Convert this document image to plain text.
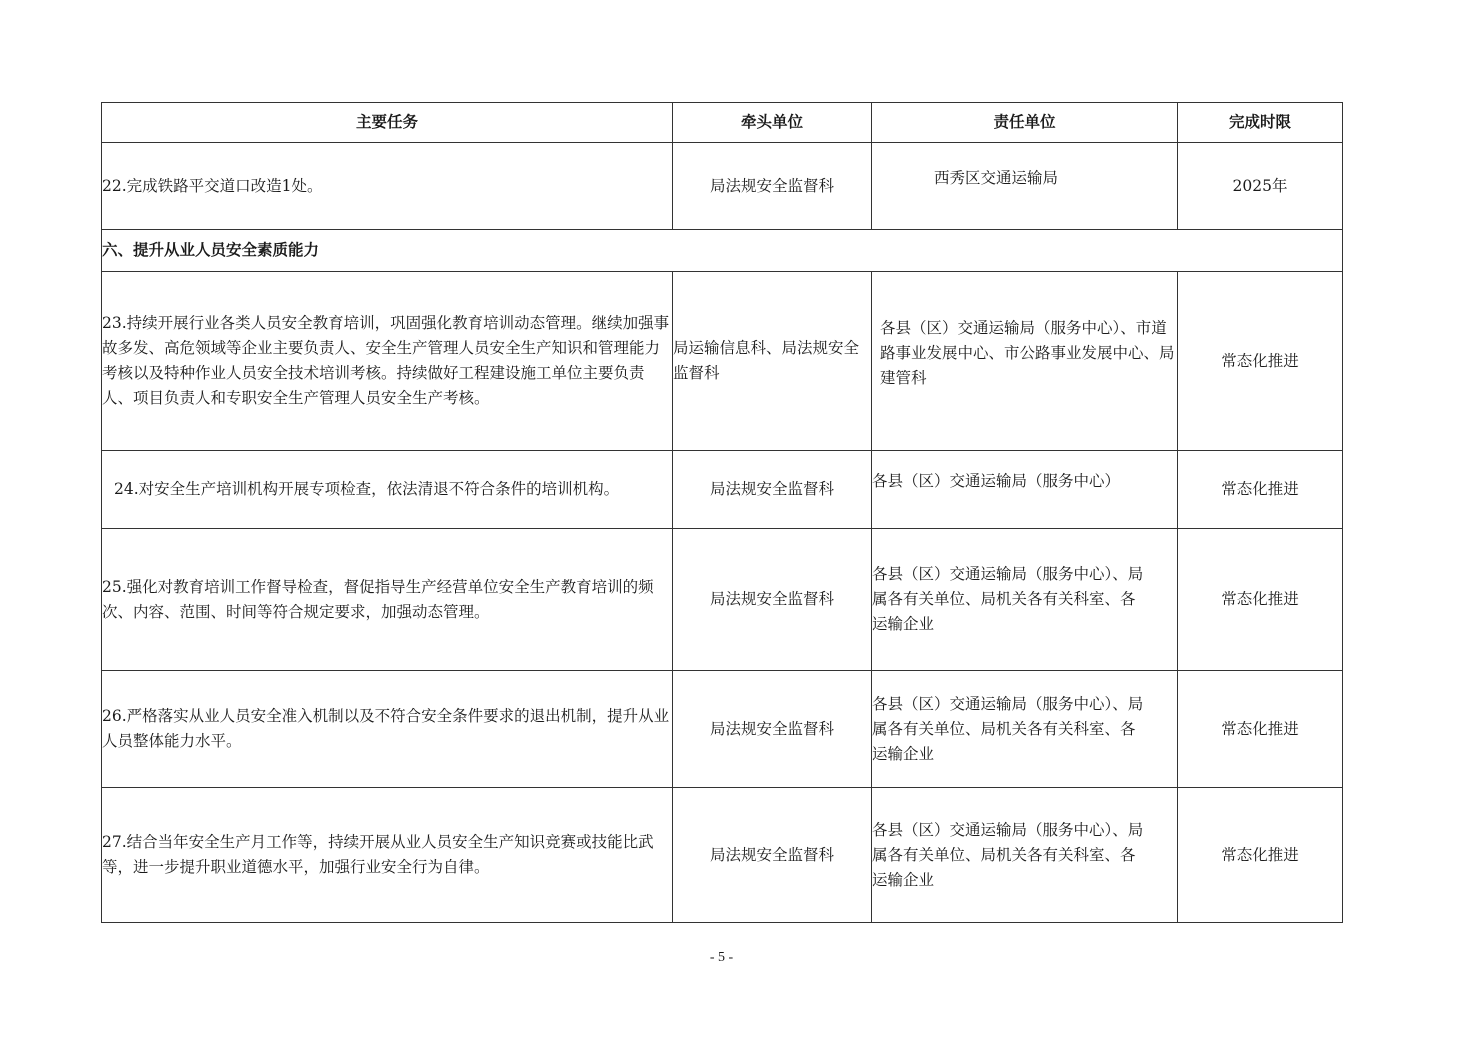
主要任务	牵头单位	责任单位	完成时限

22.完成铁路平交道口改造1处。	局法规安全监督科	西秀区交通运输局	2025年
六、提升从业人员安全素质能力			

23.持续开展行业各类人员安全教育培训，巩固强化教育培训动态管理。继续加强事故多发、高危领域等企业主要负责人、安全生产管理人员安全生产知识和管理能力考核以及特种作业人员安全技术培训考核。持续做好工程建设施工单位主要负责人、项目负责人和专职安全生产管理人员安全生产考核。	局运输信息科、局法规安全监督科	各县（区）交通运输局（服务中心）、市道路事业发展中心、市公路事业发展中心、局建管科	常态化推进

24.对安全生产培训机构开展专项检查，依法清退不符合条件的培训机构。	局法规安全监督科	各县（区）交通运输局（服务中心）	常态化推进

25.强化对教育培训工作督导检查，督促指导生产经营单位安全生产教育培训的频次、内容、范围、时间等符合规定要求，加强动态管理。	局法规安全监督科	各县（区）交通运输局（服务中心）、局属各有关单位、局机关各有关科室、各运输企业	常态化推进

26.严格落实从业人员安全准入机制以及不符合安全条件要求的退出机制，提升从业人员整体能力水平。	局法规安全监督科	各县（区）交通运输局（服务中心）、局属各有关单位、局机关各有关科室、各运输企业	常态化推进

27.结合当年安全生产月工作等，持续开展从业人员安全生产知识竞赛或技能比武等，进一步提升职业道德水平，加强行业安全行为自律。	局法规安全监督科	各县（区）交通运输局（服务中心）、局属各有关单位、局机关各有关科室、各运输企业	常态化推进
- 5 -
